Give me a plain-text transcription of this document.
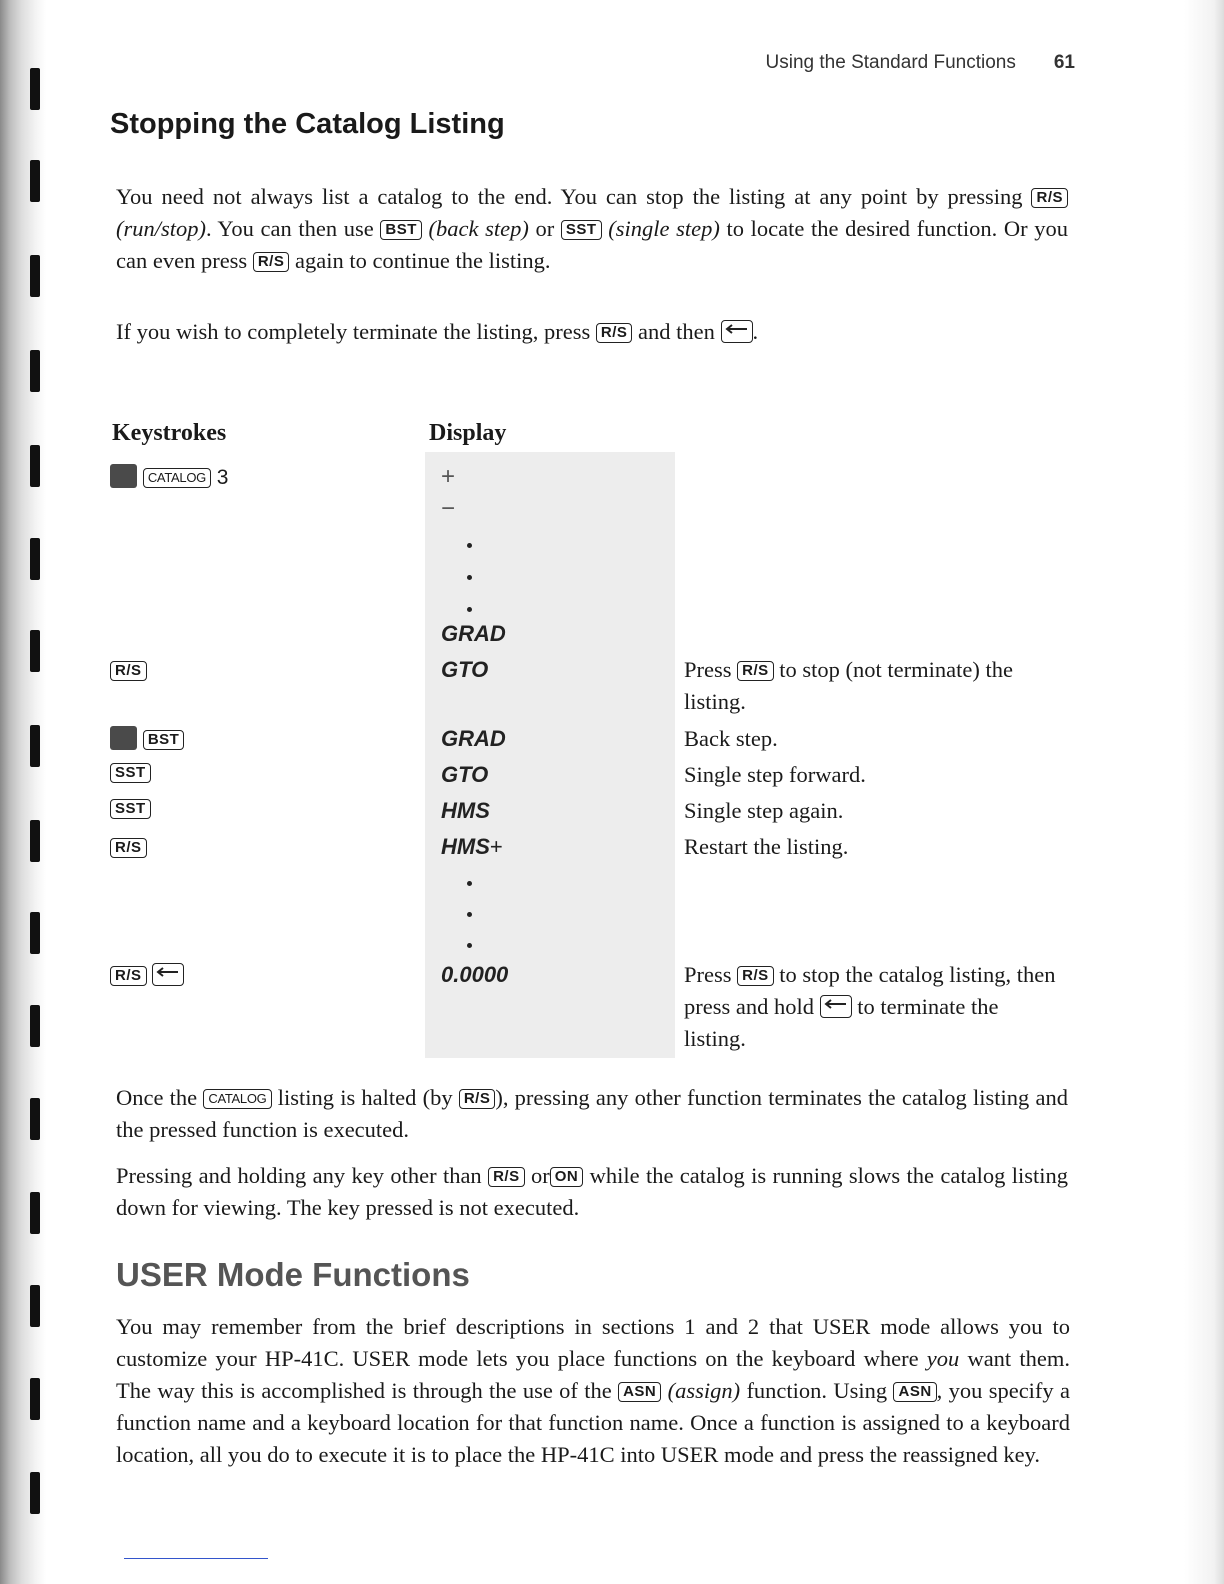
Using the Standard Functions 61
Stopping the Catalog Listing

You need not always list a catalog to the end. You can stop the listing at any point by pressing R/S (run/stop). You can then use BST (back step) or SST (single step) to locate the desired function. Or you can even press R/S again to continue the listing.

If you wish to completely terminate the listing, press R/S and then .

Keystrokes	Display
CATALOG 3
R/S
BST
SST
SST
R/S
R/S
+
−
GRAD
GTO
GRAD
GTO
HMS
HMS+
0.0000
Press R/S to stop (not terminate) the listing.
Back step.
Single step forward.
Single step again.
Restart the listing.
Press R/S to stop the catalog listing, then press and hold  to terminate the listing.

Once the CATALOG listing is halted (by R/S ), pressing any other function terminates the catalog listing and the pressed function is executed.

Pressing and holding any key other than R/S or ON while the catalog is running slows the catalog listing down for viewing. The key pressed is not executed.

USER Mode Functions

You may remember from the brief descriptions in sections 1 and 2 that USER mode allows you to customize your HP-41C. USER mode lets you place functions on the keyboard where you want them. The way this is accomplished is through the use of the ASN (assign) function. Using ASN , you specify a function name and a keyboard location for that function name. Once a function is assigned to a keyboard location, all you do to execute it is to place the HP-41C into USER mode and press the reassigned key.
